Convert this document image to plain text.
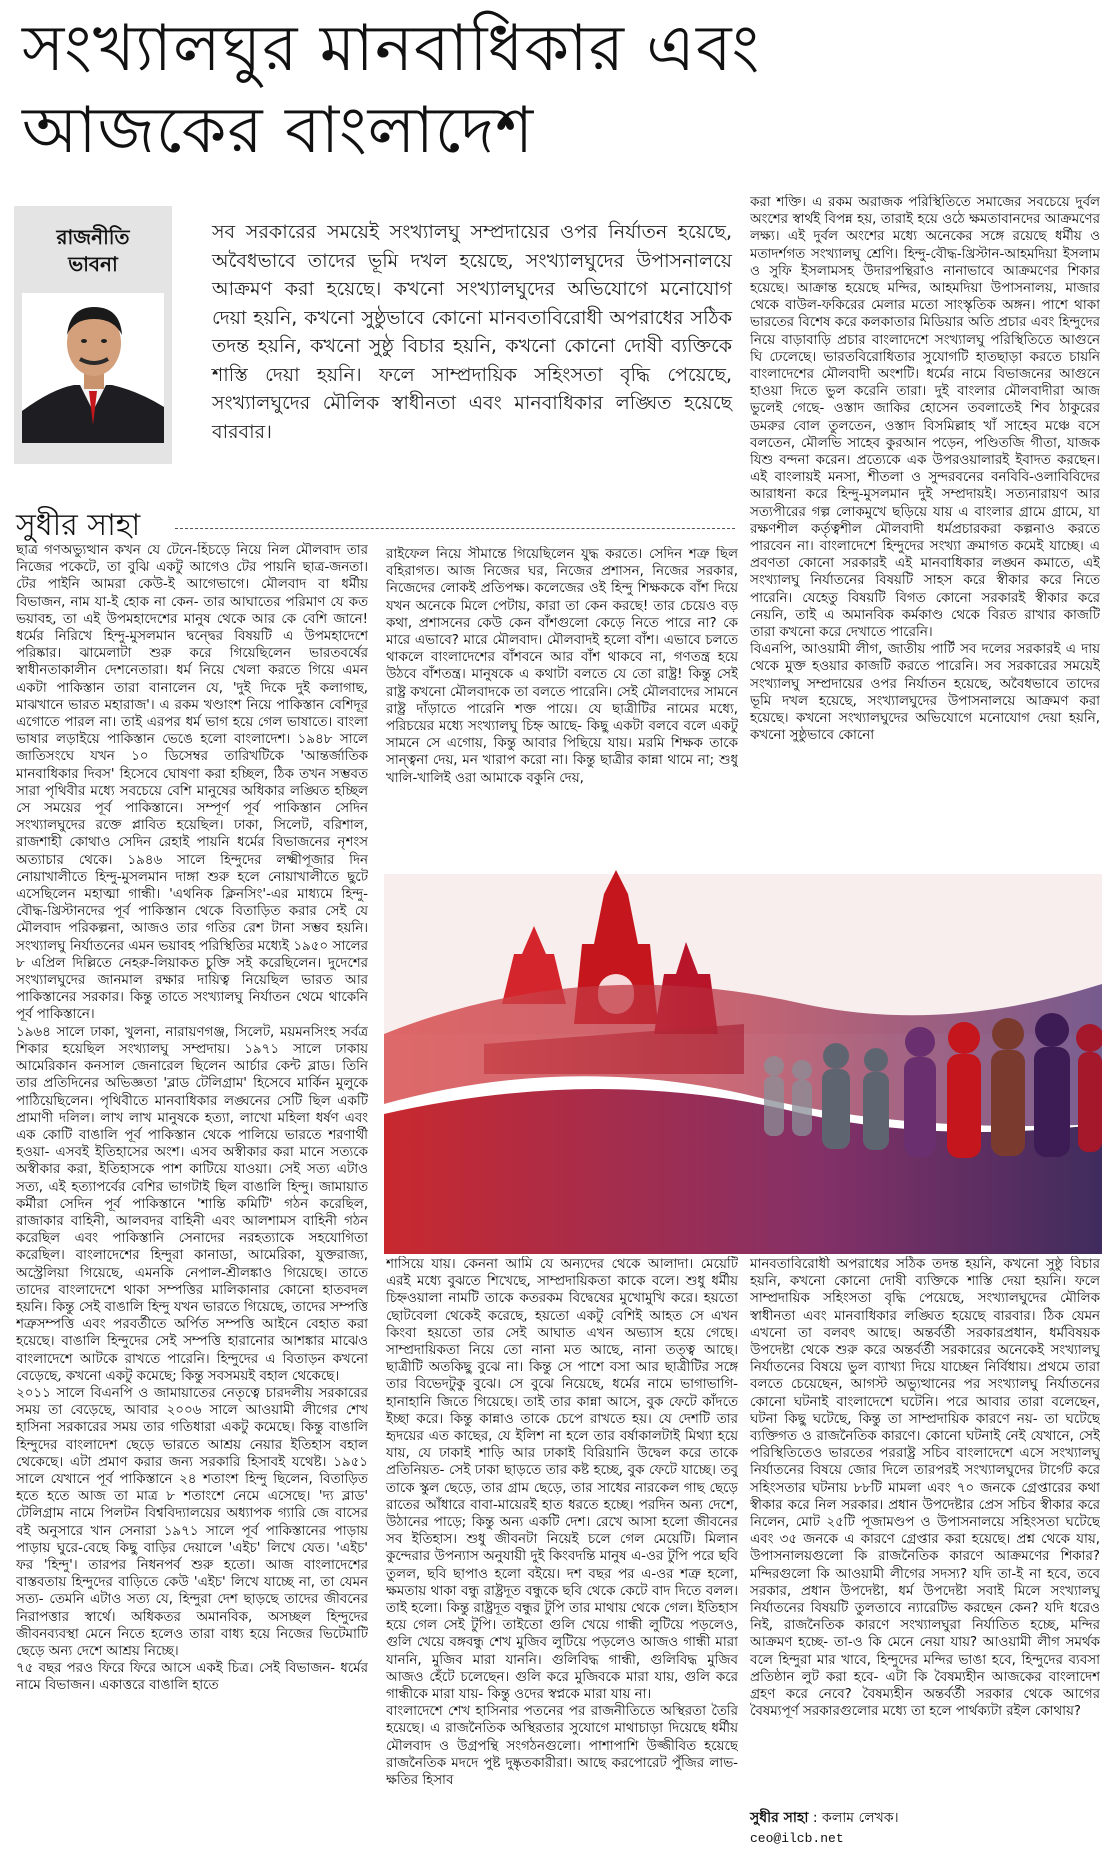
সংখ্যালঘুর মানবাধিকার এবং
আজকের বাংলাদেশ
রাজনীতি
ভাবনা

সব সরকারের সময়েই সংখ্যালঘু সম্প্রদায়ের ওপর নির্যাতন হয়েছে, অবৈধভাবে তাদের ভূমি দখল হয়েছে, সংখ্যালঘুদের উপাসনালয়ে আক্রমণ করা হয়েছে। কখনো সংখ্যালঘুদের অভিযোগে মনোযোগ দেয়া হয়নি, কখনো সুষ্ঠুভাবে কোনো মানবতাবিরোধী অপরাধের সঠিক তদন্ত হয়নি, কখনো সুষ্ঠু বিচার হয়নি, কখনো কোনো দোষী ব্যক্তিকে শাস্তি দেয়া হয়নি। ফলে সাম্প্রদায়িক সহিংসতা বৃদ্ধি পেয়েছে, সংখ্যালঘুদের মৌলিক স্বাধীনতা এবং মানবাধিকার লঙ্ঘিত হয়েছে বারবার।

সুধীর সাহা

ছাত্র গণঅভ্যুত্থান কখন যে টেনে-হিঁচড়ে নিয়ে নিল মৌলবাদ তার নিজের পকেটে, তা বুঝি একটু আগেও টের পায়নি ছাত্র-জনতা। টের পাইনি আমরা কেউ-ই আগেভাগে। মৌলবাদ বা ধর্মীয় বিভাজন, নাম যা-ই হোক না কেন- তার আঘাতের পরিমাণ যে কত ভয়াবহ, তা এই উপমহাদেশের মানুষ থেকে আর কে বেশি জানে! ধর্মের নিরিখে হিন্দু-মুসলমান দ্বন্দ্বের বিষয়টি এ উপমহাদেশে পরিষ্কার। ঝামেলাটা শুরু করে গিয়েছিলেন ভারতবর্ষের স্বাধীনতাকালীন দেশনেতারা। ধর্ম নিয়ে খেলা করতে গিয়ে এমন একটা পাকিস্তান তারা বানালেন যে, 'দুই দিকে দুই কলাগাছ, মাঝখানে ভারত মহারাজ'। এ রকম খণ্ডাংশ নিয়ে পাকিস্তান বেশিদূর এগোতে পারল না। তাই এরপর ধর্ম ভাগ হয়ে গেল ভাষাতে। বাংলা ভাষার লড়াইয়ে পাকিস্তান ভেঙে হলো বাংলাদেশ। ১৯৪৮ সালে জাতিসংঘে যখন ১০ ডিসেম্বর তারিখটিকে 'আন্তর্জাতিক মানবাধিকার দিবস' হিসেবে ঘোষণা করা হচ্ছিল, ঠিক তখন সম্ভবত সারা পৃথিবীর মধ্যে সবচেয়ে বেশি মানুষের অধিকার লঙ্ঘিত হচ্ছিল সে সময়ের পূর্ব পাকিস্তানে। সম্পূর্ণ পূর্ব পাকিস্তান সেদিন সংখ্যালঘুদের রক্তে প্লাবিত হয়েছিল। ঢাকা, সিলেট, বরিশাল, রাজশাহী কোথাও সেদিন রেহাই পায়নি ধর্মের বিভাজনের নৃশংস অত্যাচার থেকে। ১৯৪৬ সালে হিন্দুদের লক্ষ্মীপূজার দিন নোয়াখালীতে হিন্দু-মুসলমান দাঙ্গা শুরু হলে নোয়াখালীতে ছুটে এসেছিলেন মহাত্মা গান্ধী। 'এথনিক ক্লিনসিং'-এর মাধ্যমে হিন্দু-বৌদ্ধ-খ্রিস্টানদের পূর্ব পাকিস্তান থেকে বিতাড়িত করার সেই যে মৌলবাদ পরিকল্পনা, আজও তার গতির রেশ টানা সম্ভব হয়নি। সংখ্যালঘু নির্যাতনের এমন ভয়াবহ পরিস্থিতির মধ্যেই ১৯৫০ সালের ৮ এপ্রিল দিল্লিতে নেহরু-লিয়াকত চুক্তি সই করেছিলেন। দুদেশের সংখ্যালঘুদের জানমাল রক্ষার দায়িত্ব নিয়েছিল ভারত আর পাকিস্তানের সরকার। কিন্তু তাতে সংখ্যালঘু নির্যাতন থেমে থাকেনি পূর্ব পাকিস্তানে।
১৯৬৪ সালে ঢাকা, খুলনা, নারায়ণগঞ্জ, সিলেট, ময়মনসিংহ সর্বত্র শিকার হয়েছিল সংখ্যালঘু সম্প্রদায়। ১৯৭১ সালে ঢাকায় আমেরিকান কনসাল জেনারেল ছিলেন আর্চার কেন্ট ব্লাড। তিনি তার প্রতিদিনের অভিজ্ঞতা 'ব্লাড টেলিগ্রাম' হিসেবে মার্কিন মুলুকে পাঠিয়েছিলেন। পৃথিবীতে মানবাধিকার লঙ্ঘনের সেটি ছিল একটি প্রামাণী দলিল। লাখ লাখ মানুষকে হত্যা, লাখো মহিলা ধর্ষণ এবং এক কোটি বাঙালি পূর্ব পাকিস্তান থেকে পালিয়ে ভারতে শরণার্থী হওয়া- এসবই ইতিহাসের অংশ। এসব অস্বীকার করা মানে সত্যকে অস্বীকার করা, ইতিহাসকে পাশ কাটিয়ে যাওয়া। সেই সত্য এটাও সত্য, এই হত্যাপর্বের বেশির ভাগটাই ছিল বাঙালি হিন্দু। জামায়াত কর্মীরা সেদিন পূর্ব পাকিস্তানে 'শান্তি কমিটি' গঠন করেছিল, রাজাকার বাহিনী, আলবদর বাহিনী এবং আলশামস বাহিনী গঠন করেছিল এবং পাকিস্তানি সেনাদের নরহত্যাকে সহযোগিতা করেছিল। বাংলাদেশের হিন্দুরা কানাডা, আমেরিকা, যুক্তরাজ্য, অস্ট্রেলিয়া গিয়েছে, এমনকি নেপাল-শ্রীলঙ্কাও গিয়েছে। তাতে তাদের বাংলাদেশে থাকা সম্পত্তির মালিকানার কোনো হাতবদল হয়নি। কিন্তু সেই বাঙালি হিন্দু যখন ভারতে গিয়েছে, তাদের সম্পত্তি শত্রুসম্পত্তি এবং পরবর্তীতে অর্পিত সম্পত্তি আইনে বেহাত করা হয়েছে। বাঙালি হিন্দুদের সেই সম্পত্তি হারানোর আশঙ্কার মাঝেও বাংলাদেশে আটকে রাখতে পারেনি। হিন্দুদের এ বিতাড়ন কখনো বেড়েছে, কখনো একটু কমেছে; কিন্তু সবসময়ই বহাল থেকেছে।
২০১১ সালে বিএনপি ও জামায়াতের নেতৃত্বে চারদলীয় সরকারের সময় তা বেড়েছে, আবার ২০০৬ সালে আওয়ামী লীগের শেখ হাসিনা সরকারের সময় তার গতিধারা একটু কমেছে। কিন্তু বাঙালি হিন্দুদের বাংলাদেশ ছেড়ে ভারতে আশ্রয় নেয়ার ইতিহাস বহাল থেকেছে। এটা প্রমাণ করার জন্য সরকারি হিসাবই যথেষ্ট। ১৯৫১ সালে যেখানে পূর্ব পাকিস্তানে ২৪ শতাংশ হিন্দু ছিলেন, বিতাড়িত হতে হতে আজ তা মাত্র ৮ শতাংশে নেমে এসেছে। 'দ্য ব্লাড' টেলিগ্রাম নামে পিলটন বিশ্ববিদ্যালয়ের অধ্যাপক গ্যারি জে বাসের বই অনুসারে খান সেনারা ১৯৭১ সালে পূর্ব পাকিস্তানের পাড়ায় পাড়ায় ঘুরে-বেছে কিছু বাড়ির দেয়ালে 'এইচ' লিখে যেত। 'এইচ' ফর 'হিন্দু'। তারপর নিধনপর্ব শুরু হতো। আজ বাংলাদেশের বাস্তবতায় হিন্দুদের বাড়িতে কেউ 'এইচ' লিখে যাচ্ছে না, তা যেমন সত্য- তেমনি এটাও সত্য যে, হিন্দুরা দেশ ছাড়ছে তাদের জীবনের নিরাপত্তার স্বার্থে। অধিকতর অমানবিক, অসচ্ছল হিন্দুদের জীবনব্যবস্থা মেনে নিতে হলেও তারা বাধ্য হয়ে নিজের ভিটেমাটি ছেড়ে অন্য দেশে আশ্রয় নিচ্ছে।
৭৫ বছর পরও ফিরে ফিরে আসে একই চিত্র। সেই বিভাজন- ধর্মের নামে বিভাজন। একাত্তরে বাঙালি হাতে

রাইফেল নিয়ে সীমান্তে গিয়েছিলেন যুদ্ধ করতে। সেদিন শত্রু ছিল বহিরাগত। আজ নিজের ঘর, নিজের প্রশাসন, নিজের সরকার, নিজেদের লোকই প্রতিপক্ষ। কলেজের ওই হিন্দু শিক্ষককে বাঁশ দিয়ে যখন অনেকে মিলে পেটায়, কারা তা কেন করছে! তার চেয়েও বড় কথা, প্রশাসনের কেউ কেন বাঁশগুলো কেড়ে নিতে পারে না? কে মারে এভাবে? মারে মৌলবাদ। মৌলবাদই হলো বাঁশ। এভাবে চলতে থাকলে বাংলাদেশের বাঁশবনে আর বাঁশ থাকবে না, গণতন্ত্র হয়ে উঠবে বাঁশতন্ত্র। মানুষকে এ কথাটা বলতে যে তো রাষ্ট্র! কিন্তু সেই রাষ্ট্র কখনো মৌলবাদকে তা বলতে পারেনি। সেই মৌলবাদের সামনে রাষ্ট্র দাঁড়াতে পারেনি শক্ত পায়ে। যে ছাত্রীটির নামের মধ্যে, পরিচয়ের মধ্যে সংখ্যালঘু চিহ্ন আছে- কিছু একটা বলবে বলে একটু সামনে সে এগোয়, কিন্তু আবার পিছিয়ে যায়। মরমি শিক্ষক তাকে সান্ত্বনা দেয়, মন খারাপ করো না। কিন্তু ছাত্রীর কান্না থামে না; শুধু খালি-খালিই ওরা আমাকে বকুনি দেয়,

করা শক্তি। এ রকম অরাজক পরিস্থিতিতে সমাজের সবচেয়ে দুর্বল অংশের স্বার্থই বিপন্ন হয়, তারাই হয়ে ওঠে ক্ষমতাবানদের আক্রমণের লক্ষ্য। এই দুর্বল অংশের মধ্যে অনেকের সঙ্গে রয়েছে ধর্মীয় ও মতাদর্শগত সংখ্যালঘু শ্রেণি। হিন্দু-বৌদ্ধ-খ্রিস্টান-আহমদিয়া ইসলাম ও সুফি ইসলামসহ উদারপন্থিরাও নানাভাবে আক্রমণের শিকার হয়েছে। আক্রান্ত হয়েছে মন্দির, আহমদিয়া উপাসনালয়, মাজার থেকে বাউল-ফকিরের মেলার মতো সাংস্কৃতিক অঙ্গন। পাশে থাকা ভারতের বিশেষ করে কলকাতার মিডিয়ার অতি প্রচার এবং হিন্দুদের নিয়ে বাড়াবাড়ি প্রচার বাংলাদেশে সংখ্যালঘু পরিস্থিতিতে আগুনে ঘি ঢেলেছে। ভারতবিরোধিতার সুযোগটি হাতছাড়া করতে চায়নি বাংলাদেশের মৌলবাদী অংশটি। ধর্মের নামে বিভাজনের আগুনে হাওয়া দিতে ভুল করেনি তারা। দুই বাংলার মৌলবাদীরা আজ ভুলেই গেছে- ওস্তাদ জাকির হোসেন তবলাতেই শিব ঠাকুরের ডমরুর বোল তুলতেন, ওস্তাদ বিসমিল্লাহ খাঁ সাহেব মঞ্চে বসে বলতেন, মৌলভি সাহেব কুরআন পড়েন, পণ্ডিতজি গীতা, যাজক যিশু বন্দনা করেন। প্রত্যেকে এক উপরওয়ালারই ইবাদত করছেন। এই বাংলায়ই মনসা, শীতলা ও সুন্দরবনের বনবিবি-ওলাবিবিদের আরাধনা করে হিন্দু-মুসলমান দুই সম্প্রদায়ই। সত্যনারায়ণ আর সত্যপীরের গল্প লোকমুখে ছড়িয়ে যায় এ বাংলার গ্রামে গ্রামে, যা রক্ষণশীল কর্তৃত্বশীল মৌলবাদী ধর্মপ্রচারকরা কল্পনাও করতে পারবেন না। বাংলাদেশে হিন্দুদের সংখ্যা ক্রমাগত কমেই যাচ্ছে। এ প্রবণতা কোনো সরকারই এই মানবাধিকার লঙ্ঘন কমাতে, এই সংখ্যালঘু নির্যাতনের বিষয়টি সাহস করে স্বীকার করে নিতে পারেনি। যেহেতু বিষয়টি বিগত কোনো সরকারই স্বীকার করে নেয়নি, তাই এ অমানবিক কর্মকাণ্ড থেকে বিরত রাখার কাজটি তারা কখনো করে দেখাতে পারেনি।
বিএনপি, আওয়ামী লীগ, জাতীয় পার্টি সব দলের সরকারই এ দায় থেকে মুক্ত হওয়ার কাজটি করতে পারেনি। সব সরকারের সময়েই সংখ্যালঘু সম্প্রদায়ের ওপর নির্যাতন হয়েছে, অবৈধভাবে তাদের ভূমি দখল হয়েছে, সংখ্যালঘুদের উপাসনালয়ে আক্রমণ করা হয়েছে। কখনো সংখ্যালঘুদের অভিযোগে মনোযোগ দেয়া হয়নি, কখনো সুষ্ঠুভাবে কোনো

শাসিয়ে যায়। কেননা আমি যে অন্যদের থেকে আলাদা। মেয়েটি এরই মধ্যে বুঝতে শিখেছে, সাম্প্রদায়িকতা কাকে বলে। শুধু ধর্মীয় চিহ্নওয়ালা নামটি তাকে কতরকম বিদ্বেষের মুখোমুখি করে। হয়তো ছোটবেলা থেকেই করেছে, হয়তো একটু বেশিই আহত সে এখন কিংবা হয়তো তার সেই আঘাত এখন অভ্যাস হয়ে গেছে। সাম্প্রদায়িকতা নিয়ে তো নানা মত আছে, নানা তত্ত্ব আছে। ছাত্রীটি অতকিছু বুঝে না। কিন্তু সে পাশে বসা আর ছাত্রীটির সঙ্গে তার বিভেদটুকু বুঝে। সে বুঝে নিয়েছে, ধর্মের নামে ভাগাভাগি-হানাহানি জিতে গিয়েছে। তাই তার কান্না আসে, বুক ফেটে কাঁদতে ইচ্ছা করে। কিন্তু কান্নাও তাকে চেপে রাখতে হয়। যে দেশটি তার হৃদয়ের এত কাছের, যে ইলিশ না হলে তার বর্ষাকালটাই মিথ্যা হয়ে যায়, যে ঢাকাই শাড়ি আর ঢাকাই বিরিয়ানি উদ্বেল করে তাকে প্রতিনিয়ত- সেই ঢাকা ছাড়তে তার কষ্ট হচ্ছে, বুক ফেটে যাচ্ছে। তবু তাকে স্কুল ছেড়ে, তার গ্রাম ছেড়ে, তার সাধের নারকেল গাছ ছেড়ে রাতের আঁধারে বাবা-মায়েরই হাত ধরতে হচ্ছে। পরদিন অন্য দেশে, উঠানের পাড়ে; কিন্তু অন্য একটি দেশ। রেখে আসা হলো জীবনের সব ইতিহাস। শুধু জীবনটা নিয়েই চলে গেল মেয়েটি। মিলান কুন্দেরার উপন্যাস অনুযায়ী দুই কিংবদন্তি মানুষ এ-ওর টুপি পরে ছবি তুলল, ছবি ছাপাও হলো বইয়ে। দশ বছর পর এ-ওর শত্রু হলো, ক্ষমতায় থাকা বন্ধু রাষ্ট্রদূত বন্ধুকে ছবি থেকে কেটে বাদ দিতে বলল। তাই হলো। কিন্তু রাষ্ট্রদূত বন্ধুর টুপি তার মাথায় থেকে গেল। ইতিহাস হয়ে গেল সেই টুপি। তাইতো গুলি খেয়ে গান্ধী লুটিয়ে পড়লেও, গুলি খেয়ে বঙ্গবন্ধু শেখ মুজিব লুটিয়ে পড়লেও আজও গান্ধী মারা যাননি, মুজিব মারা যাননি। গুলিবিদ্ধ গান্ধী, গুলিবিদ্ধ মুজিব আজও হেঁটে চলেছেন। গুলি করে মুজিবকে মারা যায়, গুলি করে গান্ধীকে মারা যায়- কিন্তু ওদের স্বপ্নকে মারা যায় না।
বাংলাদেশে শেখ হাসিনার পতনের পর রাজনীতিতে অস্থিরতা তৈরি হয়েছে। এ রাজনৈতিক অস্থিরতার সুযোগে মাথাচাড়া দিয়েছে ধর্মীয় মৌলবাদ ও উগ্রপন্থি সংগঠনগুলো। পাশাপাশি উজ্জীবিত হয়েছে রাজনৈতিক মদদে পুষ্ট দুষ্কৃতকারীরা। আছে করপোরেট পুঁজির লাভ-ক্ষতির হিসাব

মানবতাবিরোধী অপরাধের সঠিক তদন্ত হয়নি, কখনো সুষ্ঠু বিচার হয়নি, কখনো কোনো দোষী ব্যক্তিকে শাস্তি দেয়া হয়নি। ফলে সাম্প্রদায়িক সহিংসতা বৃদ্ধি পেয়েছে, সংখ্যালঘুদের মৌলিক স্বাধীনতা এবং মানবাধিকার লঙ্ঘিত হয়েছে বারবার। ঠিক যেমন এখনো তা বলবৎ আছে। অন্তর্বর্তী সরকারপ্রধান, ধর্মবিষয়ক উপদেষ্টা থেকে শুরু করে অন্তর্বর্তী সরকারের অনেকেই সংখ্যালঘু নির্যাতনের বিষয়ে ভুল ব্যাখ্যা দিয়ে যাচ্ছেন নির্বিধায়। প্রথমে তারা বলতে চেয়েছেন, আগস্ট অভ্যুত্থানের পর সংখ্যালঘু নির্যাতনের কোনো ঘটনাই বাংলাদেশে ঘটেনি। পরে আবার তারা বলেছেন, ঘটনা কিছু ঘটেছে, কিন্তু তা সাম্প্রদায়িক কারণে নয়- তা ঘটেছে ব্যক্তিগত ও রাজনৈতিক কারণে। কোনো ঘটনাই নেই যেখানে, সেই পরিস্থিতিতেও ভারতের পররাষ্ট্র সচিব বাংলাদেশে এসে সংখ্যালঘু নির্যাতনের বিষয়ে জোর দিলে তারপরই সংখ্যালঘুদের টার্গেট করে সহিংসতার ঘটনায় ৮৮টি মামলা এবং ৭০ জনকে গ্রেপ্তারের কথা স্বীকার করে নিল সরকার। প্রধান উপদেষ্টার প্রেস সচিব স্বীকার করে নিলেন, মোট ২৫টি পূজামণ্ডপ ও উপাসনালয়ে সহিংসতা ঘটেছে এবং ৩৫ জনকে এ কারণে গ্রেপ্তার করা হয়েছে। প্রশ্ন থেকে যায়, উপাসনালয়গুলো কি রাজনৈতিক কারণে আক্রমণের শিকার? মন্দিরগুলো কি আওয়ামী লীগের সদস্য? যদি তা-ই না হবে, তবে সরকার, প্রধান উপদেষ্টা, ধর্ম উপদেষ্টা সবাই মিলে সংখ্যালঘু নির্যাতনের বিষয়টি তুলতাবে ন্যারেটিভ করছেন কেন? যদি ধরেও নিই, রাজনৈতিক কারণে সংখ্যালঘুরা নির্যাতিত হচ্ছে, মন্দির আক্রমণ হচ্ছে- তা-ও কি মেনে নেয়া যায়? আওয়ামী লীগ সমর্থক বলে হিন্দুরা মার খাবে, হিন্দুদের মন্দির ভাঙা হবে, হিন্দুদের ব্যবসা প্রতিষ্ঠান লুট করা হবে- এটা কি বৈষম্যহীন আজকের বাংলাদেশ গ্রহণ করে নেবে? বৈষম্যহীন অন্তর্বর্তী সরকার থেকে আগের বৈষম্যপূর্ণ সরকারগুলোর মধ্যে তা হলে পার্থক্যটা রইল কোথায়?

সুধীর সাহা : কলাম লেখক।
ceo@ilcb.net
